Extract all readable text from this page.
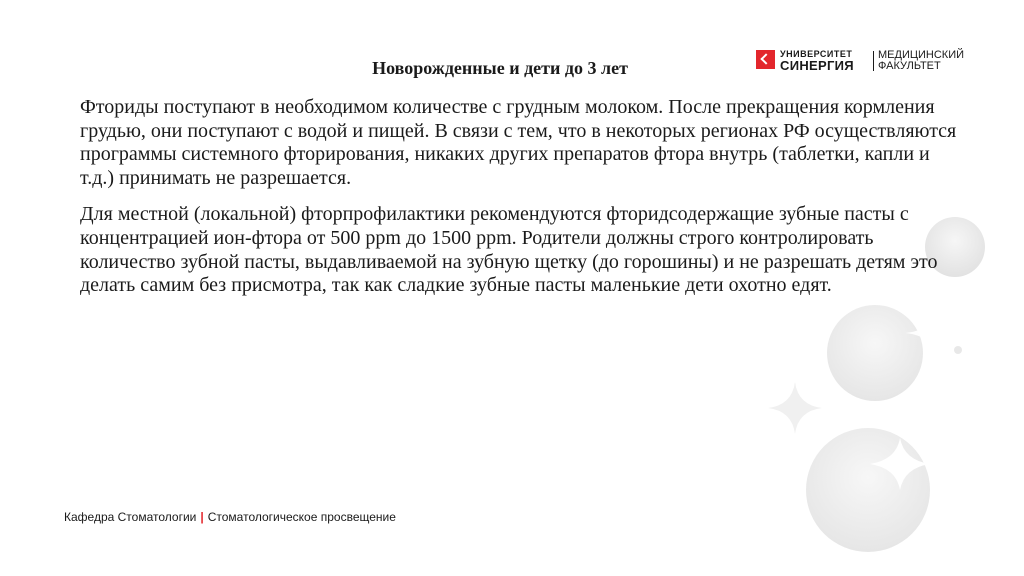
Новорожденные и дети до 3 лет
УНИВЕРСИТЕТ
СИНЕРГИЯ
МЕДИЦИНСКИЙ
ФАКУЛЬТЕТ

Фториды поступают в необходимом количестве с грудным молоком. После прекращения кормления грудью, они поступают с водой и пищей. В связи с тем, что в некоторых регионах РФ осуществляются программы системного фторирования, никаких других препаратов фтора внутрь (таблетки, капли и т.д.) принимать не разрешается.

Для местной (локальной) фторпрофилактики рекомендуются фторидсодержащие зубные пасты с концентрацией ион-фтора от 500 ppm до 1500 ppm. Родители должны строго контролировать количество зубной пасты, выдавливаемой на зубную щетку (до горошины) и не разрешать детям это делать самим без присмотра, так как сладкие зубные пасты маленькие дети охотно едят.

Кафедра Стоматологии | Стоматологическое просвещение
